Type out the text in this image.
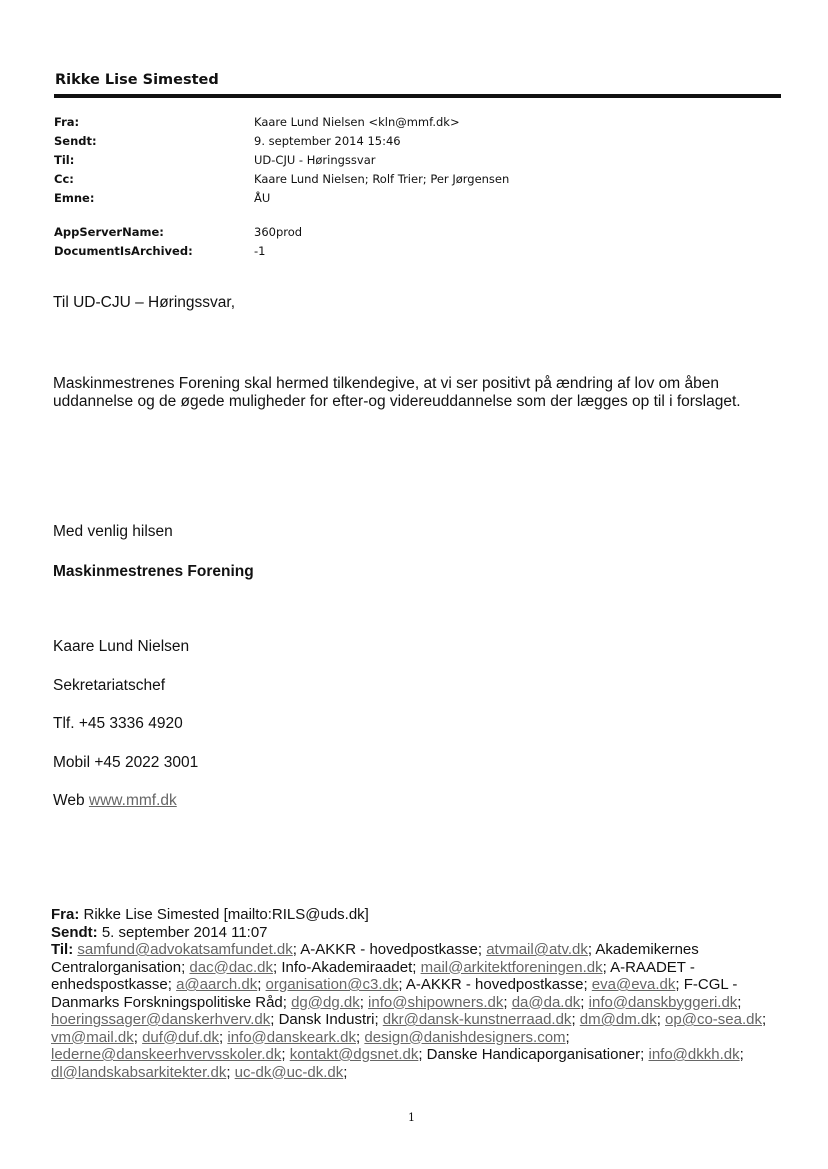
Rikke Lise Simested
Fra:	Kaare Lund Nielsen <kln@mmf.dk>
Sendt:	9. september 2014 15:46
Til:	UD-CJU - Høringssvar
Cc:	Kaare Lund Nielsen; Rolf Trier; Per Jørgensen
Emne:	ÅU
AppServerName:	360prod
DocumentIsArchived:	-1
Til UD-CJU – Høringssvar,
Maskinmestrenes Forening skal hermed tilkendegive, at vi ser positivt på ændring af lov om åben uddannelse og de øgede muligheder for efter-og videreuddannelse som der lægges op til i forslaget.
Med venlig hilsen
Maskinmestrenes Forening
Kaare Lund Nielsen
Sekretariatschef
Tlf. +45 3336 4920
Mobil +45 2022 3001
Web www.mmf.dk
Fra: Rikke Lise Simested [mailto:RILS@uds.dk]
Sendt: 5. september 2014 11:07
Til: samfund@advokatsamfundet.dk; A-AKKR - hovedpostkasse; atvmail@atv.dk; Akademikernes Centralorganisation; dac@dac.dk; Info-Akademiraadet; mail@arkitektforeningen.dk; A-RAADET - enhedspostkasse; a@aarch.dk; organisation@c3.dk; A-AKKR - hovedpostkasse; eva@eva.dk; F-CGL - Danmarks Forskningspolitiske Råd; dg@dg.dk; info@shipowners.dk; da@da.dk; info@danskbyggeri.dk; hoeringssager@danskerhverv.dk; Dansk Industri; dkr@dansk-kunstnerraad.dk; dm@dm.dk; op@co-sea.dk; vm@mail.dk; duf@duf.dk; info@danskeark.dk; design@danishdesigners.com; lederne@danskeerhvervsskoler.dk; kontakt@dgsnet.dk; Danske Handicaporganisationer; info@dkkh.dk; dl@landskabsarkitekter.dk; uc-dk@uc-dk.dk;
1
